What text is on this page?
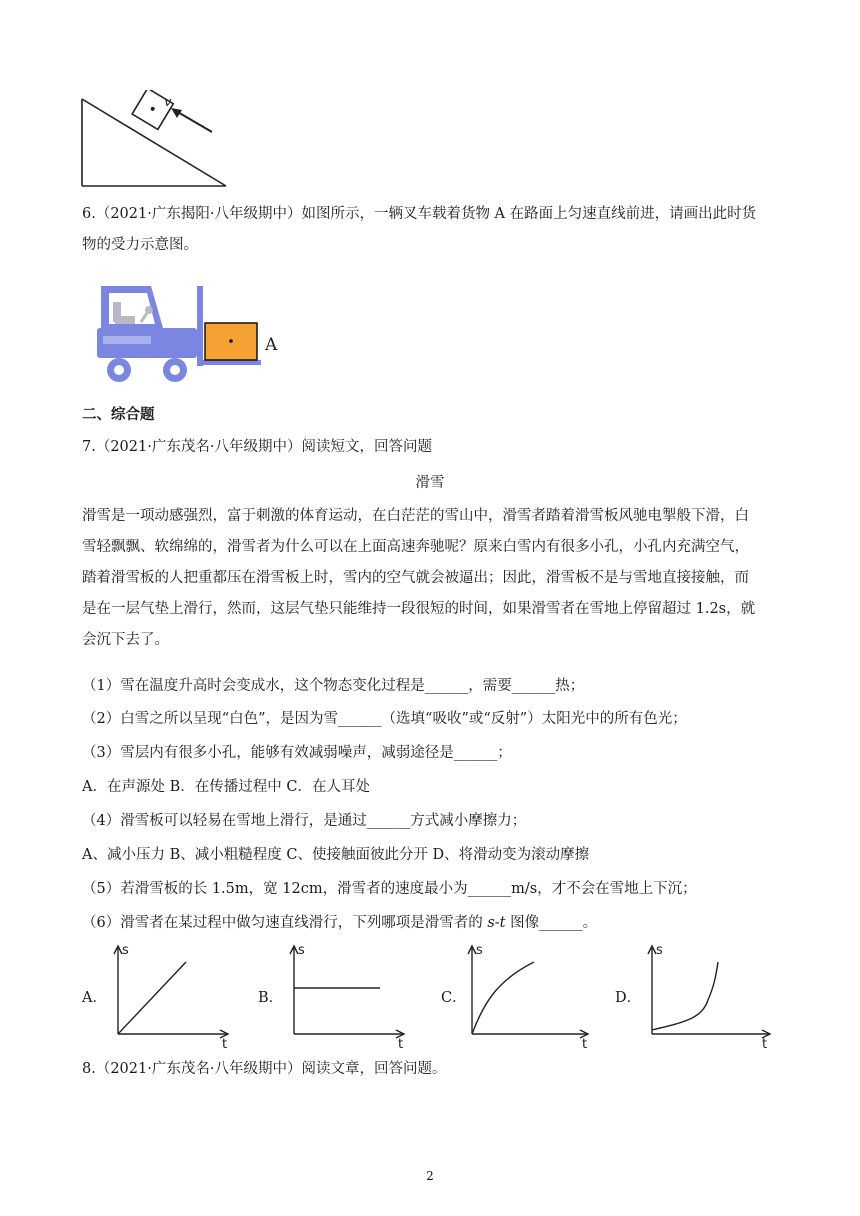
v
6.（2021·广东揭阳·八年级期中）如图所示，一辆叉车载着货物 A 在路面上匀速直线前进，请画出此时货
物的受力示意图。
A
二、综合题
7.（2021·广东茂名·八年级期中）阅读短文，回答问题
滑雪
滑雪是一项动感强烈，富于刺激的体育运动，在白茫茫的雪山中，滑雪者踏着滑雪板风驰电掣般下滑，白
雪轻飘飘、软绵绵的，滑雪者为什么可以在上面高速奔驰呢？原来白雪内有很多小孔，小孔内充满空气，
踏着滑雪板的人把重都压在滑雪板上时，雪内的空气就会被逼出；因此，滑雪板不是与雪地直接接触，而
是在一层气垫上滑行，然而，这层气垫只能维持一段很短的时间，如果滑雪者在雪地上停留超过 1.2s，就
会沉下去了。
（1）雪在温度升高时会变成水，这个物态变化过程是______，需要______热；
（2）白雪之所以呈现“白色”，是因为雪______（选填“吸收”或“反射”）太阳光中的所有色光；
（3）雪层内有很多小孔，能够有效减弱噪声，减弱途径是______；
A．在声源处 B．在传播过程中 C．在人耳处
（4）滑雪板可以轻易在雪地上滑行，是通过______方式减小摩擦力；
A、减小压力 B、减小粗糙程度 C、使接触面彼此分开 D、将滑动变为滚动摩擦
（5）若滑雪板的长 1.5m，宽 12cm，滑雪者的速度最小为______m/s，才不会在雪地上下沉；
（6）滑雪者在某过程中做匀速直线滑行，下列哪项是滑雪者的 s-t 图像______。
A．
s
t
B．
s
t
C．
s
t
D．
s
t
8.（2021·广东茂名·八年级期中）阅读文章，回答问题。
2
